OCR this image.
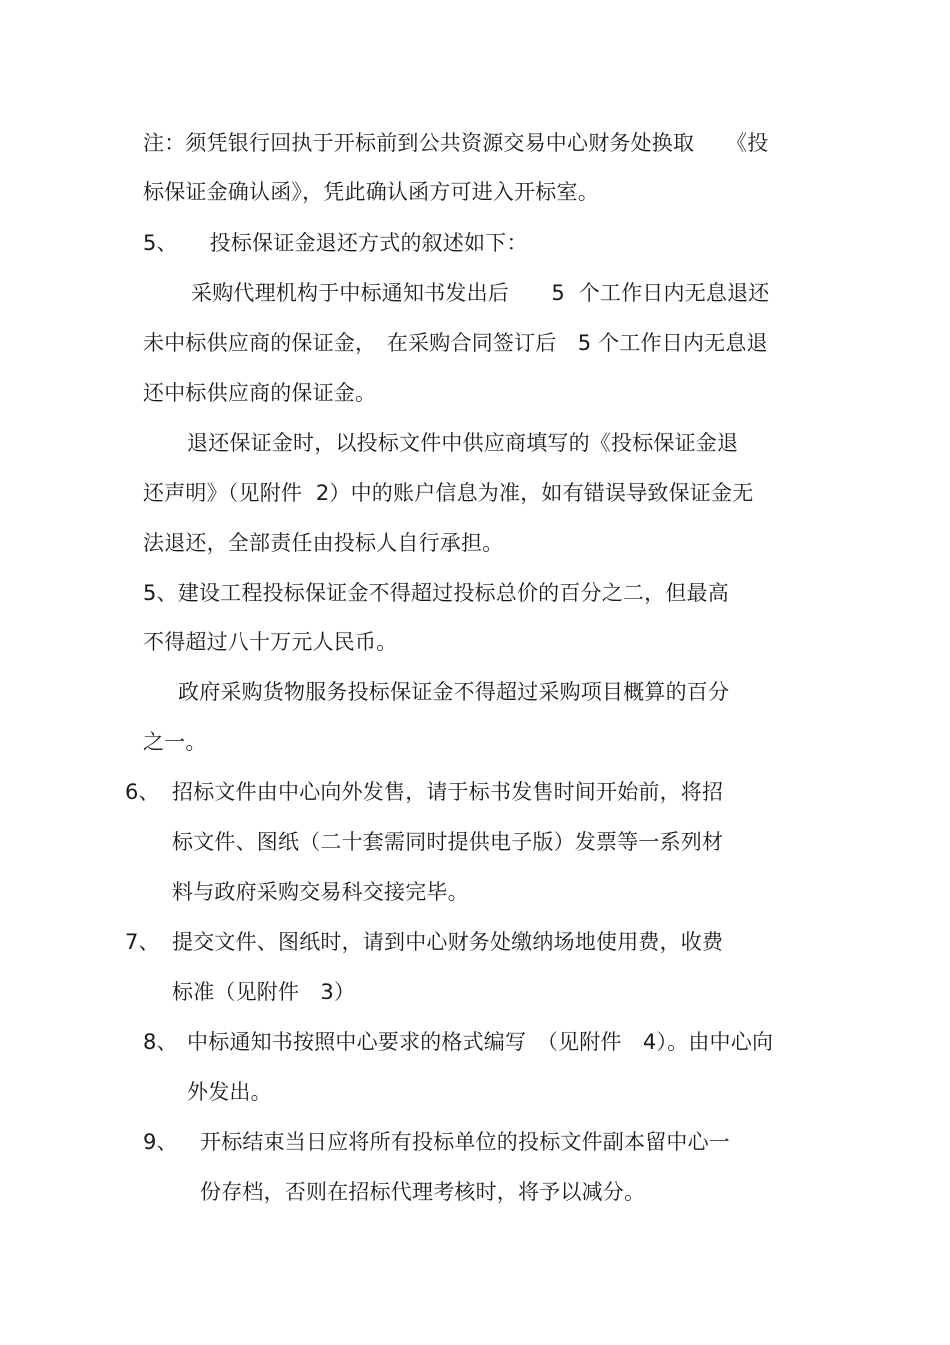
注：须凭银行回执于开标前到公共资源交易中心财务处换取　　《投
标保证金确认函》，凭此确认函方可进入开标室。
5、　　投标保证金退还方式的叙述如下：
采购代理机构于中标通知书发出后　　5  个工作日内无息退还
未中标供应商的保证金，　在采购合同签订后　5 个工作日内无息退
还中标供应商的保证金。
退还保证金时，以投标文件中供应商填写的《投标保证金退
还声明》（见附件  2）中的账户信息为准，如有错误导致保证金无
法退还，全部责任由投标人自行承担。
5、建设工程投标保证金不得超过投标总价的百分之二，但最高
不得超过八十万元人民币。
政府采购货物服务投标保证金不得超过采购项目概算的百分
之一。
6、 招标文件由中心向外发售，请于标书发售时间开始前，将招
标文件、图纸（二十套需同时提供电子版）发票等一系列材
料与政府采购交易科交接完毕。
7、 提交文件、图纸时，请到中心财务处缴纳场地使用费，收费
标准（见附件　3）
8、 中标通知书按照中心要求的格式编写　（见附件　4）。由中心向
外发出。
9、 开标结束当日应将所有投标单位的投标文件副本留中心一
份存档，否则在招标代理考核时，将予以减分。
